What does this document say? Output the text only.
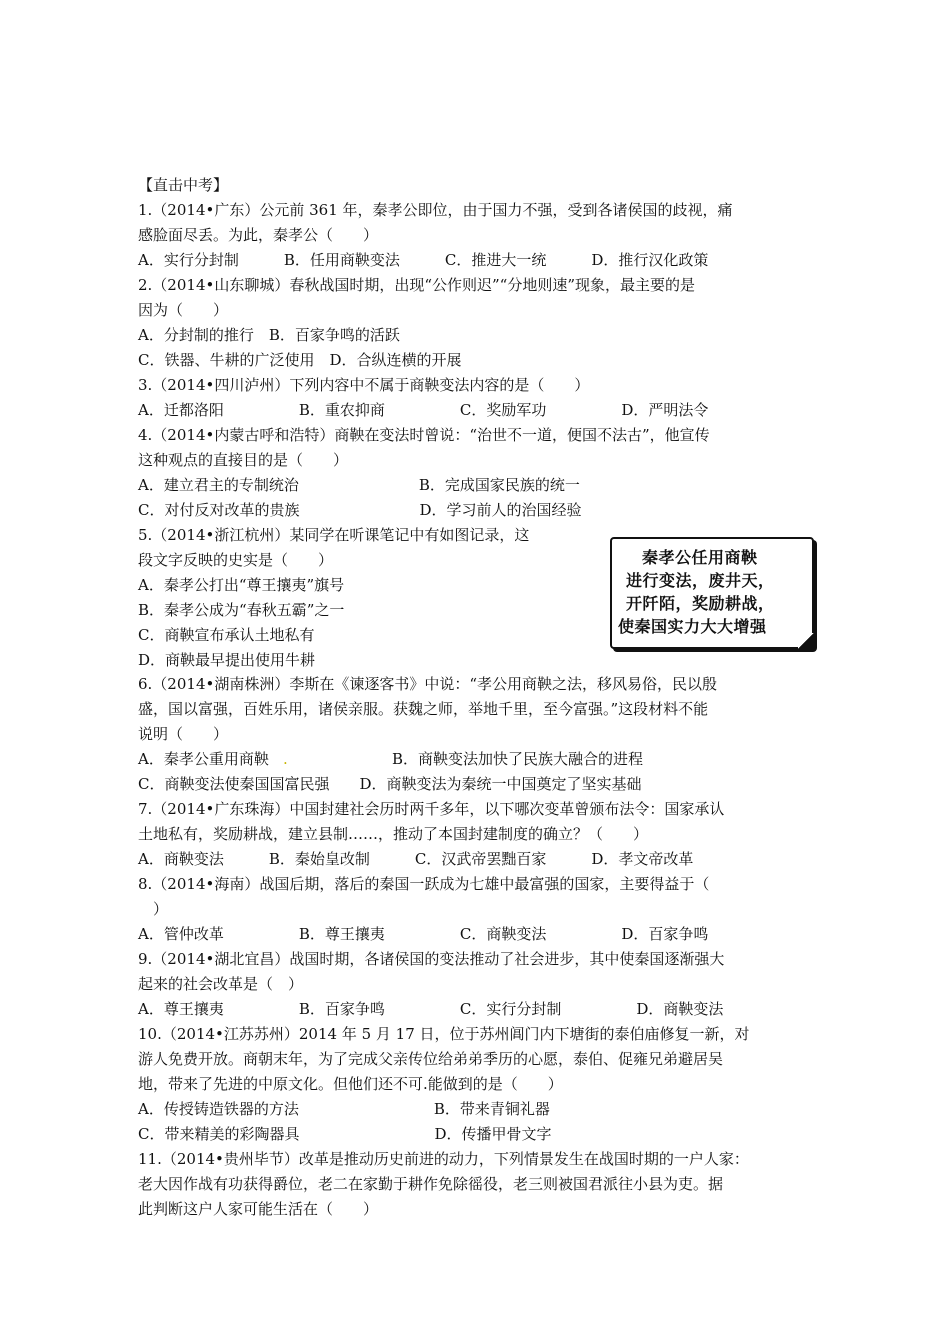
【直击中考】
1.（2014•广东）公元前 361 年，秦孝公即位，由于国力不强，受到各诸侯国的歧视，痛
感脸面尽丢。为此，秦孝公（　　）
A．实行分封制　　　B．任用商鞅变法　　　C．推进大一统　　　D．推行汉化政策
2.（2014•山东聊城）春秋战国时期，出现“公作则迟”“分地则速”现象，最主要的是
因为（　　）
A．分封制的推行　B．百家争鸣的活跃
C．铁器、牛耕的广泛使用　D．合纵连横的开展
3.（2014•四川泸州）下列内容中不属于商鞅变法内容的是（　　）
A．迁都洛阳　　　　　B．重农抑商　　　　　C．奖励军功　　　　　D．严明法令
4.（2014•内蒙古呼和浩特）商鞅在变法时曾说：“治世不一道，便国不法古”，他宣传
这种观点的直接目的是（　　）
A．建立君主的专制统治　　　　　　　　B．完成国家民族的统一
C．对付反对改革的贵族　　　　　　　　D．学习前人的治国经验
5.（2014•浙江杭州）某同学在听课笔记中有如图记录，这
段文字反映的史实是（　　）
A．秦孝公打出“尊王攘夷”旗号
B．秦孝公成为“春秋五霸”之一
C．商鞅宣布承认土地私有
D．商鞅最早提出使用牛耕
6.（2014•湖南株洲）李斯在《谏逐客书》中说：“孝公用商鞅之法，移风易俗，民以殷
盛，国以富强，百姓乐用，诸侯亲服。获魏之师，举地千里，至今富强。”这段材料不能
说明（　　）
A．秦孝公重用商鞅
C．商鞅变法使秦国国富民强　　D．商鞅变法为秦统一中国奠定了坚实基础
7.（2014•广东珠海）中国封建社会历时两千多年，以下哪次变革曾颁布法令：国家承认
土地私有，奖励耕战，建立县制……，推动了本国封建制度的确立？（　　）
A．商鞅变法　　　B．秦始皇改制　　　C．汉武帝罢黜百家　　　D．孝文帝改革
8.（2014•海南）战国后期，落后的秦国一跃成为七雄中最富强的国家，主要得益于（
　）
A．管仲改革　　　　　B．尊王攘夷　　　　　C．商鞅变法　　　　　D．百家争鸣
9.（2014•湖北宜昌）战国时期，各诸侯国的变法推动了社会进步，其中使秦国逐渐强大
起来的社会改革是（　）
A．尊王攘夷　　　　　B．百家争鸣　　　　　C．实行分封制　　　　　D．商鞅变法
10.（2014•江苏苏州）2014 年 5 月 17 日，位于苏州阊门内下塘街的泰伯庙修复一新，对
游人免费开放。商朝末年，为了完成父亲传位给弟弟季历的心愿，泰伯、促雍兄弟避居吴
地，带来了先进的中原文化。但他们还不可.能做到的是（　　）
A．传授铸造铁器的方法　　　　　　　　　B．带来青铜礼器
C．带来精美的彩陶器具　　　　　　　　　D．传播甲骨文字
11.（2014•贵州毕节）改革是推动历史前进的动力，下列情景发生在战国时期的一户人家：
老大因作战有功获得爵位，老二在家勤于耕作免除徭役，老三则被国君派往小县为吏。据
此判断这户人家可能生活在（　　）
.	B．商鞅变法加快了民族大融合的进程
秦孝公任用商鞅
进行变法，废井天，
开阡陌，奖励耕战，
使秦国实力大大增强
